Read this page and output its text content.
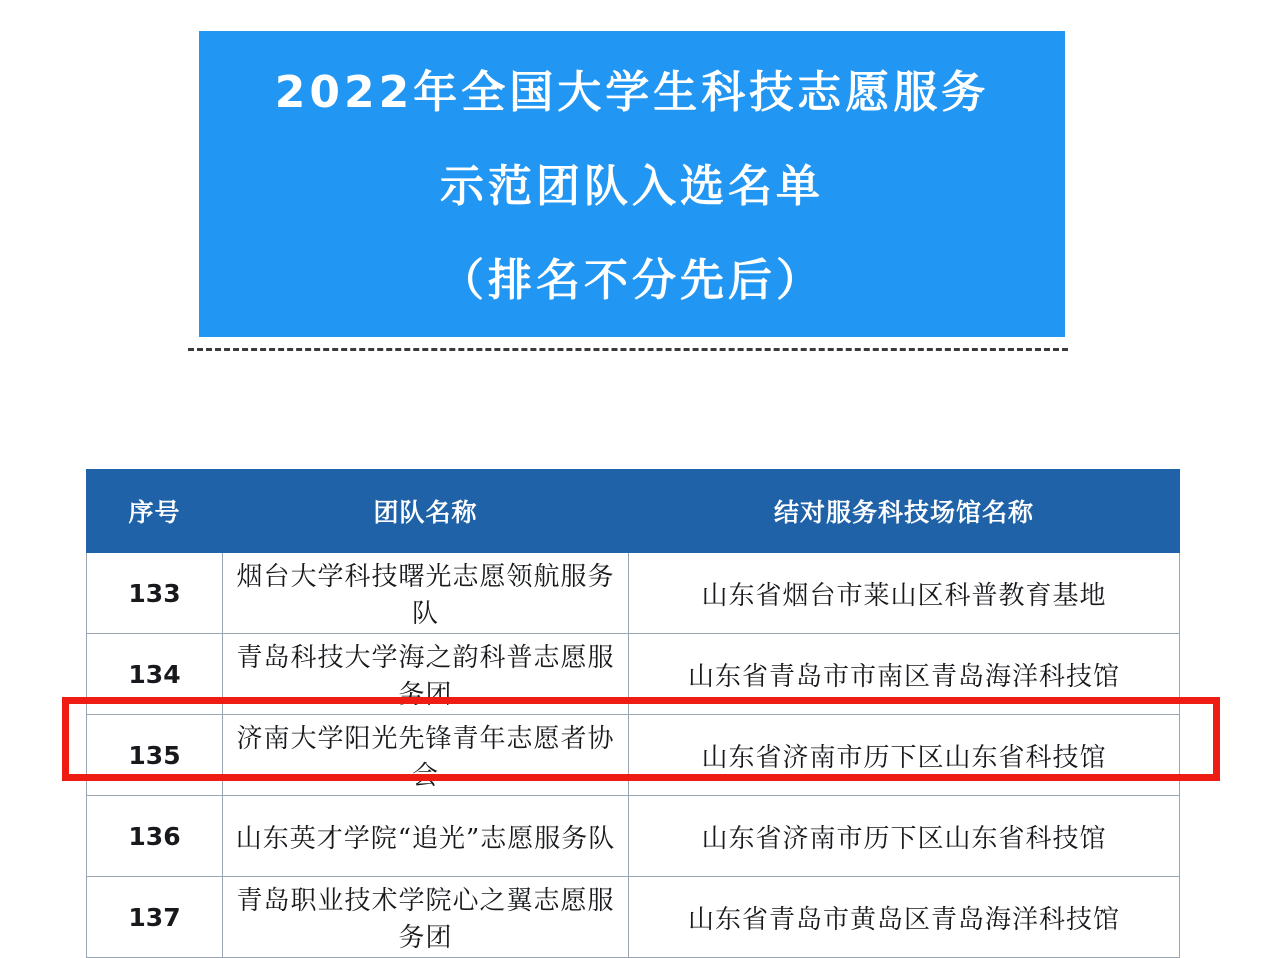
2022年全国大学生科技志愿服务
示范团队入选名单
（排名不分先后）
序号	团队名称	结对服务科技场馆名称
133	烟台大学科技曙光志愿领航服务队	山东省烟台市莱山区科普教育基地
134	青岛科技大学海之韵科普志愿服务团	山东省青岛市市南区青岛海洋科技馆
135	济南大学阳光先锋青年志愿者协会	山东省济南市历下区山东省科技馆
136	山东英才学院“追光”志愿服务队	山东省济南市历下区山东省科技馆
137	青岛职业技术学院心之翼志愿服务团	山东省青岛市黄岛区青岛海洋科技馆
